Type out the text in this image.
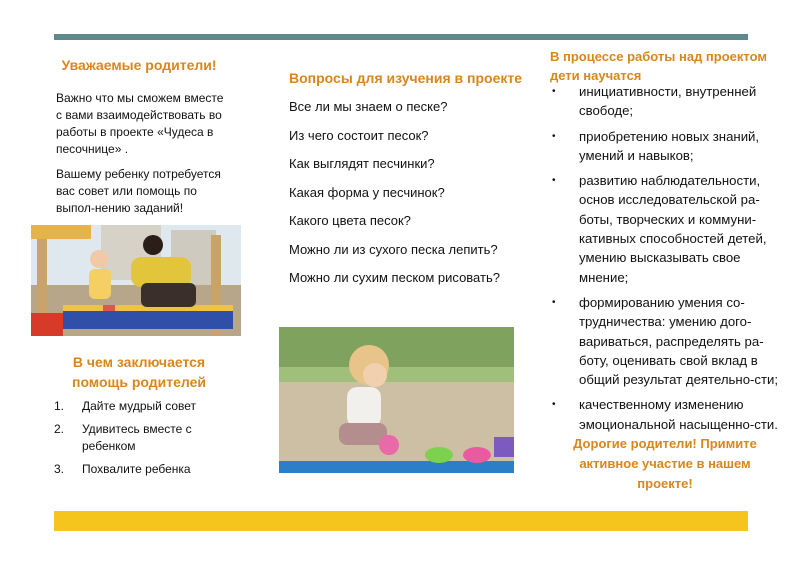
Уважаемые родители!
Важно что мы сможем вместе с вами взаимодействовать во работы в проекте «Чудеса в песочнице» .
Вашему ребенку потребуется вас совет или помощь по выпол-нению заданий!
В чем заключается помощь родителей
1.	Дайте мудрый совет
2.	Удивитесь вместе с ребенком
3.	Похвалите ребенка
Вопросы для изучения в проекте
Все ли мы знаем о песке?
Из чего состоит песок?
Как выглядят песчинки?
Какая форма у песчинок?
Какого цвета песок?
Можно ли из сухого песка лепить?
Можно ли сухим песком рисовать?
В процессе работы над проектом дети научатся
•	инициативности, внутренней свободе;
•	приобретению новых знаний, умений и навыков;
•	развитию наблюдательности, основ исследовательской ра-боты, творческих и коммуни-кативных способностей детей, умению высказывать свое мнение;
•	формированию умения со-трудничества: умению дого-вариваться, распределять ра-боту, оценивать свой вклад в общий результат деятельно-сти;
•	качественному изменению эмоциональной насыщенно-сти.
Дорогие родители! Примите активное участие в нашем проекте!
